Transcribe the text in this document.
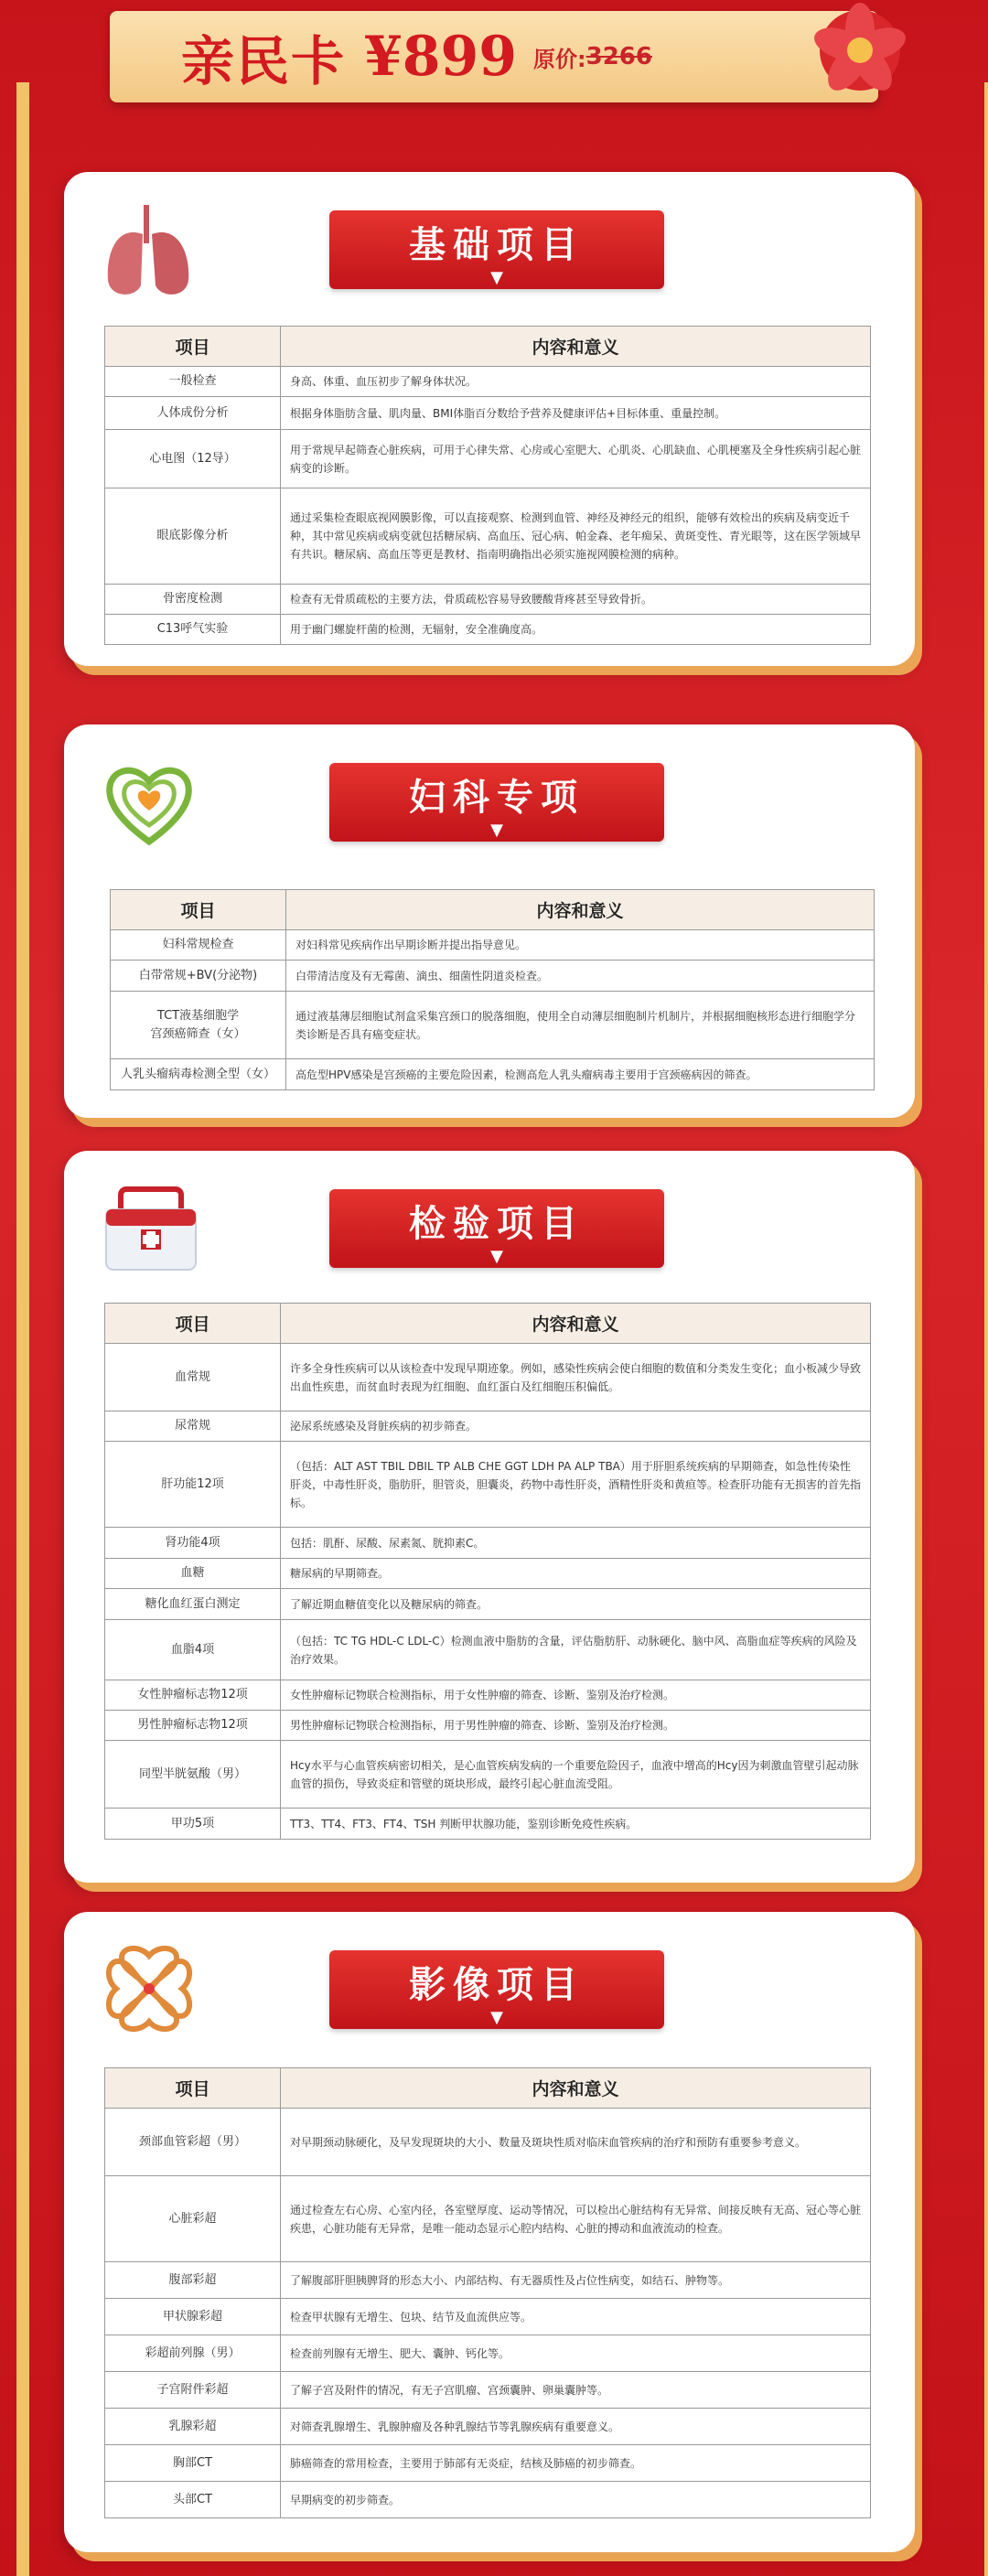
亲民卡 ¥899 原价: 3266
基础项目
▼
项目	内容和意义
一般检查	身高、体重、血压初步了解身体状况。
人体成份分析	根据身体脂肪含量、肌肉量、BMI体脂百分数给予营养及健康评估+目标体重、重量控制。
心电图（12导）	用于常规早起筛查心脏疾病，可用于心律失常、心房或心室肥大、心肌炎、心肌缺血、心肌梗塞及全身性疾病引起心脏病变的诊断。
眼底影像分析	通过采集检查眼底视网膜影像，可以直接观察、检测到血管、神经及神经元的组织，能够有效检出的疾病及病变近千种，其中常见疾病或病变就包括糖尿病、高血压、冠心病、帕金森、老年痴呆、黄斑变性、青光眼等，这在医学领域早有共识。糖尿病、高血压等更是教材、指南明确指出必须实施视网膜检测的病种。
骨密度检测	检查有无骨质疏松的主要方法，骨质疏松容易导致腰酸背疼甚至导致骨折。
C13呼气实验	用于幽门螺旋杆菌的检测，无辐射，安全准确度高。
妇科专项
▼
项目	内容和意义
妇科常规检查	对妇科常见疾病作出早期诊断并提出指导意见。
白带常规+BV(分泌物)	白带清洁度及有无霉菌、滴虫、细菌性阴道炎检查。
TCT液基细胞学
宫颈癌筛查（女）	通过液基薄层细胞试剂盒采集宫颈口的脱落细胞，使用全自动薄层细胞制片机制片，并根据细胞核形态进行细胞学分类诊断是否具有癌变症状。
人乳头瘤病毒检测全型（女）	高危型HPV感染是宫颈癌的主要危险因素，检测高危人乳头瘤病毒主要用于宫颈癌病因的筛查。
检验项目
▼
项目	内容和意义
血常规	许多全身性疾病可以从该检查中发现早期迹象。例如，感染性疾病会使白细胞的数值和分类发生变化；血小板减少导致出血性疾患，而贫血时表现为红细胞、血红蛋白及红细胞压积偏低。
尿常规	泌尿系统感染及肾脏疾病的初步筛查。
肝功能12项	（包括：ALT AST TBIL DBIL TP ALB CHE GGT LDH PA ALP TBA）用于肝胆系统疾病的早期筛查，如急性传染性肝炎，中毒性肝炎，脂肪肝，胆管炎，胆囊炎，药物中毒性肝炎，酒精性肝炎和黄疸等。检查肝功能有无损害的首先指标。
肾功能4项	包括：肌酐、尿酸、尿素氮、胱抑素C。
血糖	糖尿病的早期筛查。
糖化血红蛋白测定	了解近期血糖值变化以及糖尿病的筛查。
血脂4项	（包括：TC TG HDL-C LDL-C）检测血液中脂肪的含量，评估脂肪肝、动脉硬化、脑中风、高脂血症等疾病的风险及治疗效果。
女性肿瘤标志物12项	女性肿瘤标记物联合检测指标，用于女性肿瘤的筛查、诊断、鉴别及治疗检测。
男性肿瘤标志物12项	男性肿瘤标记物联合检测指标，用于男性肿瘤的筛查、诊断、鉴别及治疗检测。
同型半胱氨酸（男）	Hcy水平与心血管疾病密切相关，是心血管疾病发病的一个重要危险因子，血液中增高的Hcy因为刺激血管壁引起动脉血管的损伤，导致炎症和管壁的斑块形成，最终引起心脏血流受阻。
甲功5项	TT3、TT4、FT3、FT4、TSH 判断甲状腺功能，鉴别诊断免疫性疾病。
影像项目
▼
项目	内容和意义
颈部血管彩超（男）	对早期颈动脉硬化，及早发现斑块的大小、数量及斑块性质对临床血管疾病的治疗和预防有重要参考意义。
心脏彩超	通过检查左右心房、心室内径，各室壁厚度、运动等情况，可以检出心脏结构有无异常、间接反映有无高、冠心等心脏疾患，心脏功能有无异常，是唯一能动态显示心腔内结构、心脏的搏动和血液流动的检查。
腹部彩超	了解腹部肝胆胰脾肾的形态大小、内部结构、有无器质性及占位性病变，如结石、肿物等。
甲状腺彩超	检查甲状腺有无增生、包块、结节及血流供应等。
彩超前列腺（男）	检查前列腺有无增生、肥大、囊肿、钙化等。
子宫附件彩超	了解子宫及附件的情况，有无子宫肌瘤、宫颈囊肿、卵巢囊肿等。
乳腺彩超	对筛查乳腺增生、乳腺肿瘤及各种乳腺结节等乳腺疾病有重要意义。
胸部CT	肺癌筛查的常用检查，主要用于肺部有无炎症，结核及肺癌的初步筛查。
头部CT	早期病变的初步筛查。
